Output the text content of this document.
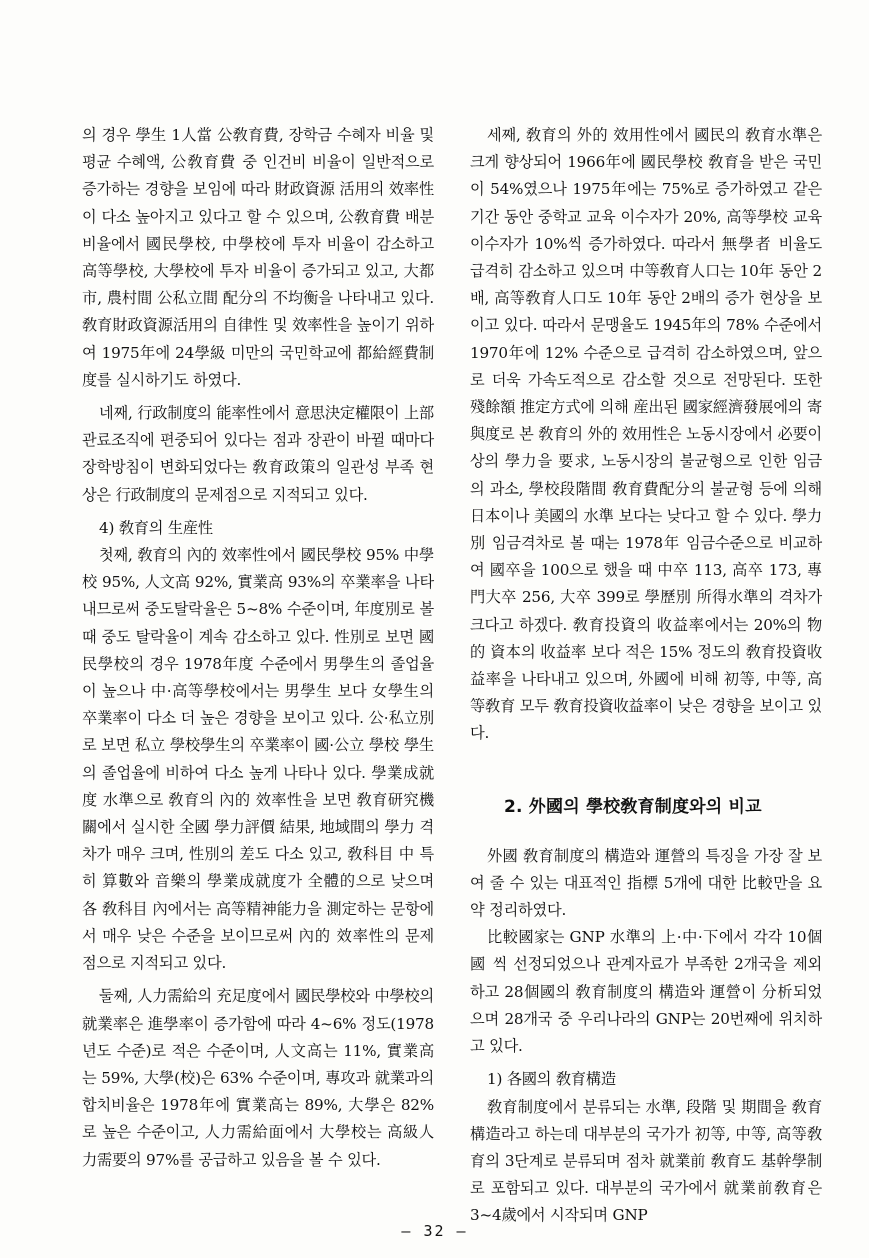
의 경우 學生 1人當 公敎育費, 장학금 수혜자 비율 및 평균 수혜액, 公敎育費 중 인건비 비율이 일반적으로 증가하는 경향을 보임에 따라 財政資源 活用의 效率性이 다소 높아지고 있다고 할 수 있으며, 公敎育費 배분 비율에서 國民學校, 中學校에 투자 비율이 감소하고 高等學校, 大學校에 투자 비율이 증가되고 있고, 大都市, 農村間 公私立間 配分의 不均衡을 나타내고 있다. 敎育財政資源活用의 自律性 및 效率性을 높이기 위하여 1975年에 24學級 미만의 국민학교에 都給經費制度를 실시하기도 하였다.

네째, 行政制度의 能率性에서 意思決定權限이 上部 관료조직에 편중되어 있다는 점과 장관이 바뀔 때마다 장학방침이 변화되었다는 敎育政策의 일관성 부족 현상은 行政制度의 문제점으로 지적되고 있다.

4) 敎育의 生産性

첫째, 敎育의 內的 效率性에서 國民學校 95% 中學校 95%, 人文高 92%, 實業高 93%의 卒業率을 나타내므로써 중도탈락율은 5~8% 수준이며, 年度別로 볼 때 중도 탈락율이 계속 감소하고 있다. 性別로 보면 國民學校의 경우 1978年度 수준에서 男學生의 졸업율이 높으나 中·高等學校에서는 男學生 보다 女學生의 卒業率이 다소 더 높은 경향을 보이고 있다. 公·私立別로 보면 私立 學校學生의 卒業率이 國·公立 學校 學生의 졸업율에 비하여 다소 높게 나타나 있다. 學業成就度 水準으로 敎育의 內的 效率性을 보면 敎育研究機關에서 실시한 全國 學力評價 結果, 地域間의 學力 격차가 매우 크며, 性別의 差도 다소 있고, 敎科目 中 특히 算數와 音樂의 學業成就度가 全體的으로 낮으며 各 敎科目 內에서는 高等精神能力을 測定하는 문항에서 매우 낮은 수준을 보이므로써 內的 效率性의 문제점으로 지적되고 있다.

둘째, 人力需給의 充足度에서 國民學校와 中學校의 就業率은 進學率이 증가함에 따라 4~6% 정도(1978년도 수준)로 적은 수준이며, 人文高는 11%, 實業高는 59%, 大學(校)은 63% 수준이며, 專攻과 就業과의 합치비율은 1978年에 實業高는 89%, 大學은 82%로 높은 수준이고, 人力需給面에서 大學校는 高級人力需要의 97%를 공급하고 있음을 볼 수 있다.

세째, 敎育의 外的 效用性에서 國民의 敎育水準은 크게 향상되어 1966年에 國民學校 敎育을 받은 국민이 54%였으나 1975年에는 75%로 증가하였고 같은 기간 동안 중학교 교육 이수자가 20%, 高等學校 교육 이수자가 10%씩 증가하였다. 따라서 無學者 비율도 급격히 감소하고 있으며 中等敎育人口는 10年 동안 2배, 高等敎育人口도 10年 동안 2배의 증가 현상을 보이고 있다. 따라서 문맹율도 1945年의 78% 수준에서 1970年에 12% 수준으로 급격히 감소하였으며, 앞으로 더욱 가속도적으로 감소할 것으로 전망된다. 또한 殘餘額 推定方式에 의해 産出된 國家經濟發展에의 寄與度로 본 敎育의 外的 效用性은 노동시장에서 必要이상의 學力을 要求, 노동시장의 불균형으로 인한 임금의 과소, 學校段階間 敎育費配分의 불균형 등에 의해 日本이나 美國의 水準 보다는 낮다고 할 수 있다. 學力別 임금격차로 볼 때는 1978年 임금수준으로 비교하여 國卒을 100으로 했을 때 中卒 113, 高卒 173, 專門大卒 256, 大卒 399로 學歷別 所得水準의 격차가 크다고 하겠다. 敎育投資의 收益率에서는 20%의 物的 資本의 收益率 보다 적은 15% 정도의 敎育投資收益率을 나타내고 있으며, 外國에 비해 初等, 中等, 高等敎育 모두 敎育投資收益率이 낮은 경향을 보이고 있다.

2. 外國의 學校敎育制度와의 비교

外國 敎育制度의 構造와 運營의 특징을 가장 잘 보여 줄 수 있는 대표적인 指標 5개에 대한 比較만을 요약 정리하였다.

比較國家는 GNP 水準의 上·中·下에서 각각 10個國 씩 선정되었으나 관계자료가 부족한 2개국을 제외하고 28個國의 敎育制度의 構造와 運營이 分析되었으며 28개국 중 우리나라의 GNP는 20번째에 위치하고 있다.

1) 各國의 敎育構造

敎育制度에서 분류되는 水準, 段階 및 期間을 敎育構造라고 하는데 대부분의 국가가 初等, 中等, 高等敎育의 3단계로 분류되며 점차 就業前 敎育도 基幹學制로 포함되고 있다. 대부분의 국가에서 就業前敎育은 3~4歲에서 시작되며 GNP

— 32 —
